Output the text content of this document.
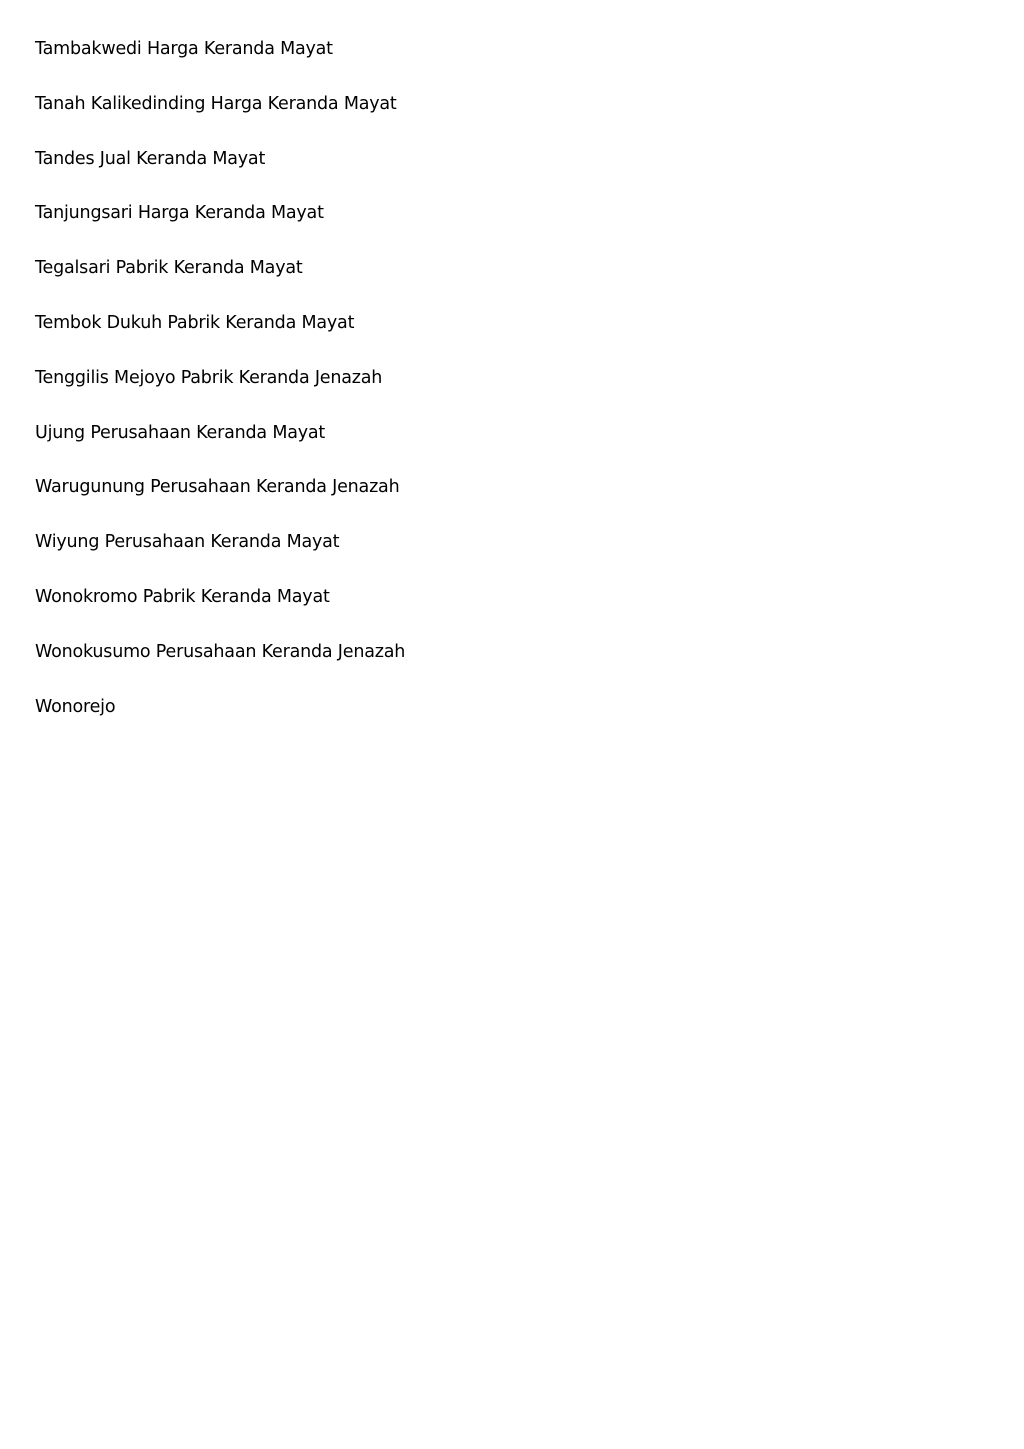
Tambakwedi Harga Keranda Mayat
Tanah Kalikedinding Harga Keranda Mayat
Tandes Jual Keranda Mayat
Tanjungsari Harga Keranda Mayat
Tegalsari Pabrik Keranda Mayat
Tembok Dukuh Pabrik Keranda Mayat
Tenggilis Mejoyo Pabrik Keranda Jenazah
Ujung Perusahaan Keranda Mayat
Warugunung Perusahaan Keranda Jenazah
Wiyung Perusahaan Keranda Mayat
Wonokromo Pabrik Keranda Mayat
Wonokusumo Perusahaan Keranda Jenazah
Wonorejo
